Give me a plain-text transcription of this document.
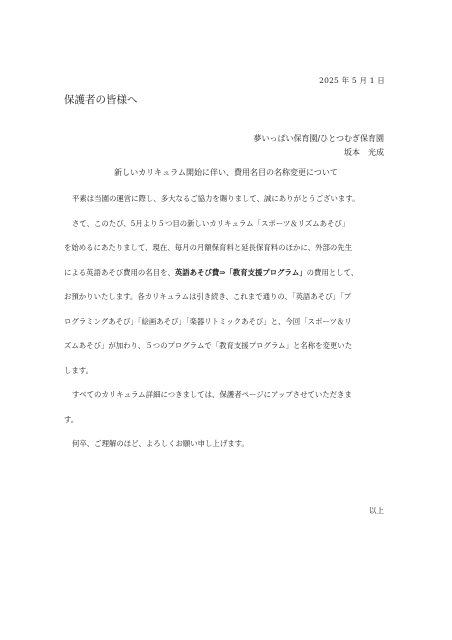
2025 年 5 月 1 日
保護者の皆様へ
夢いっぱい保育園/ひとつむぎ保育園
坂本　光成
新しいカリキュラム開始に伴い、費用名目の名称変更について
平素は当園の運営に際し、多大なるご協力を賜りまして、誠にありがとうございます。
さて、このたび、5月より５つ目の新しいカリキュラム「スポーツ＆リズムあそび」
を始めるにあたりまして、現在、毎月の月額保育料と延長保育料のほかに、外部の先生
による英語あそび費用の名目を、英語あそび費⇒「教育支援プログラム」の費用として、
お預かりいたします。各カリキュラムは引き続き、これまで通りの、「英語あそび」「プ
ログラミングあそび」「絵画あそび」「楽器リトミックあそび」と、今回「スポーツ＆リ
ズムあそび」が加わり、５つのプログラムで「教育支援プログラム」と名称を変更いた
します。
すべてのカリキュラム詳細につきましては、保護者ページにアップさせていただきま
す。
何卒、ご理解のほど、よろしくお願い申し上げます。
以上
